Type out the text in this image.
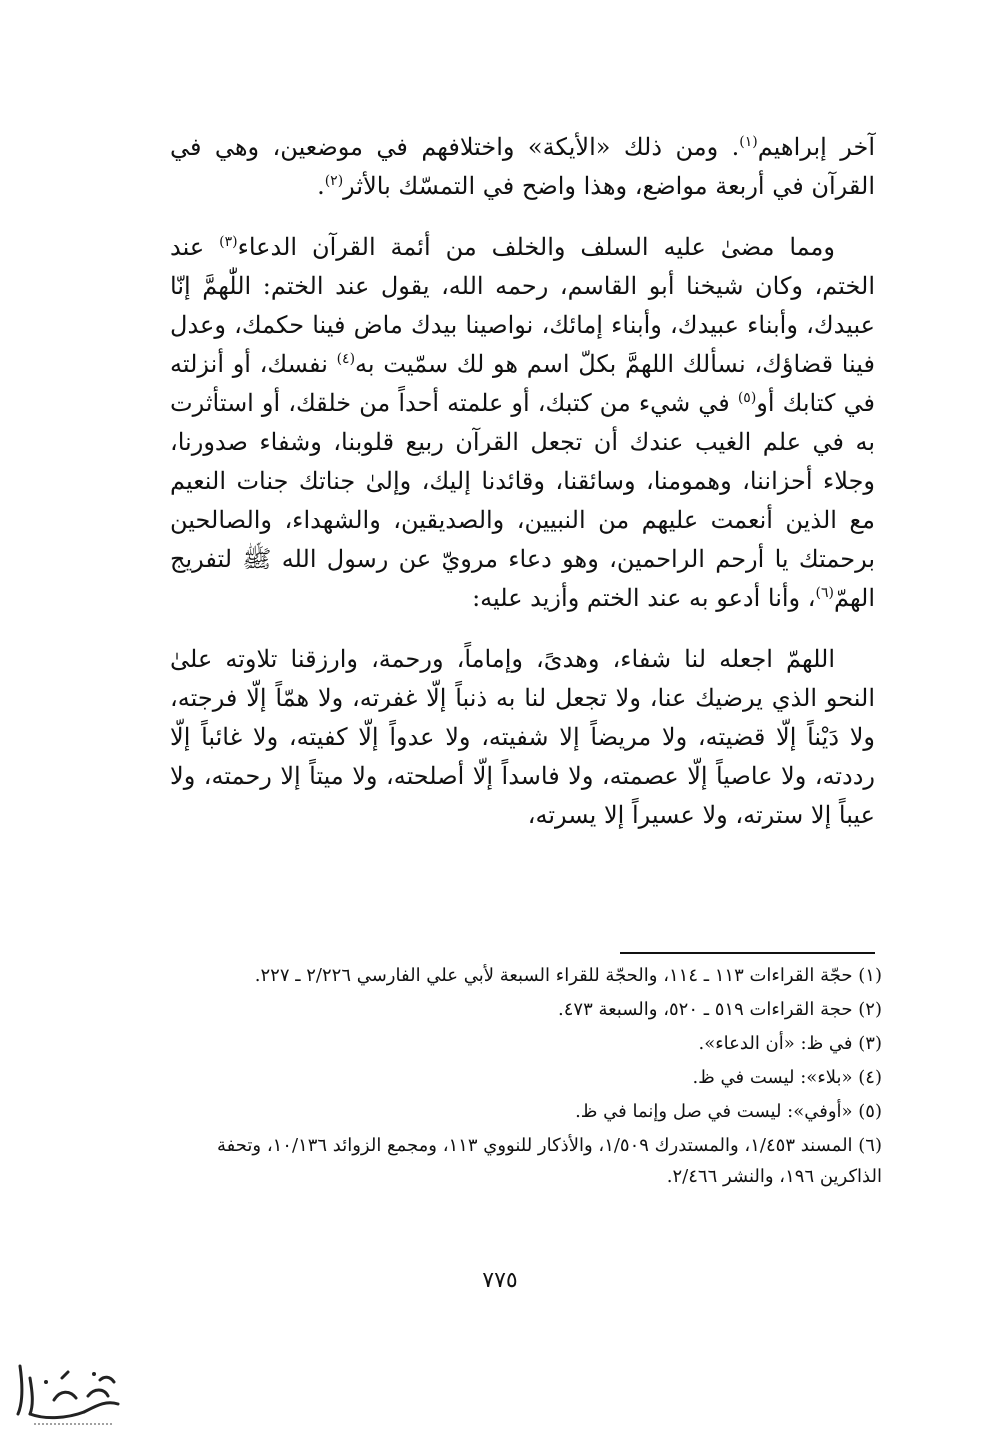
آخر إبراهيم$^{(١)}$. ومن ذلك «الأيكة» واختلافهم في موضعين، وهي في القرآن في أربعة مواضع، وهذا واضح في التمسّك بالأثر$^{(٢)}$.

ومما مضىٰ عليه السلف والخلف من أئمة القرآن الدعاء$^{(٣)}$ عند الختم، وكان شيخنا أبو القاسم، رحمه الله، يقول عند الختم: اللّٰهمَّ إنّا عبيدك، وأبناء عبيدك، وأبناء إمائك، نواصينا بيدك ماض فينا حكمك، وعدل فينا قضاؤك، نسألك اللهمَّ بكلّ اسم هو لك سمّيت به$^{(٤)}$ نفسك، أو أنزلته في كتابك أو$^{(٥)}$ في شيء من كتبك، أو علمته أحداً من خلقك، أو استأثرت به في علم الغيب عندك أن تجعل القرآن ربيع قلوبنا، وشفاء صدورنا، وجلاء أحزاننا، وهمومنا، وسائقنا، وقائدنا إليك، وإلىٰ جناتك جنات النعيم مع الذين أنعمت عليهم من النبيين، والصديقين، والشهداء، والصالحين برحمتك يا أرحم الراحمين، وهو دعاء مرويّ عن رسول الله ﷺ لتفريج الهمّ$^{(٦)}$، وأنا أدعو به عند الختم وأزيد عليه:

اللهمّ اجعله لنا شفاء، وهدىً، وإماماً، ورحمة، وارزقنا تلاوته علىٰ النحو الذي يرضيك عنا، ولا تجعل لنا به ذنباً إلّا غفرته، ولا همّاً إلّا فرجته، ولا دَيْناً إلّا قضيته، ولا مريضاً إلا شفيته، ولا عدواً إلّا كفيته، ولا غائباً إلّا رددته، ولا عاصياً إلّا عصمته، ولا فاسداً إلّا أصلحته، ولا ميتاً إلا رحمته، ولا عيباً إلا سترته، ولا عسيراً إلا يسرته،

(١) حجّة القراءات ١١٣ ـ ١١٤، والحجّة للقراء السبعة لأبي علي الفارسي ٢/٢٢٦ ـ ٢٢٧.

(٢) حجة القراءات ٥١٩ ـ ٥٢٠، والسبعة ٤٧٣.

(٣) في ظ: «أن الدعاء».

(٤) «بلاء»: ليست في ظ.

(٥) «أوفي»: ليست في صل وإنما في ظ.

(٦) المسند ١/٤٥٣، والمستدرك ١/٥٠٩، والأذكار للنووي ١١٣، ومجمع الزوائد ١٠/١٣٦، وتحفة الذاكرين ١٩٦، والنشر ٢/٤٦٦.

٧٧٥
